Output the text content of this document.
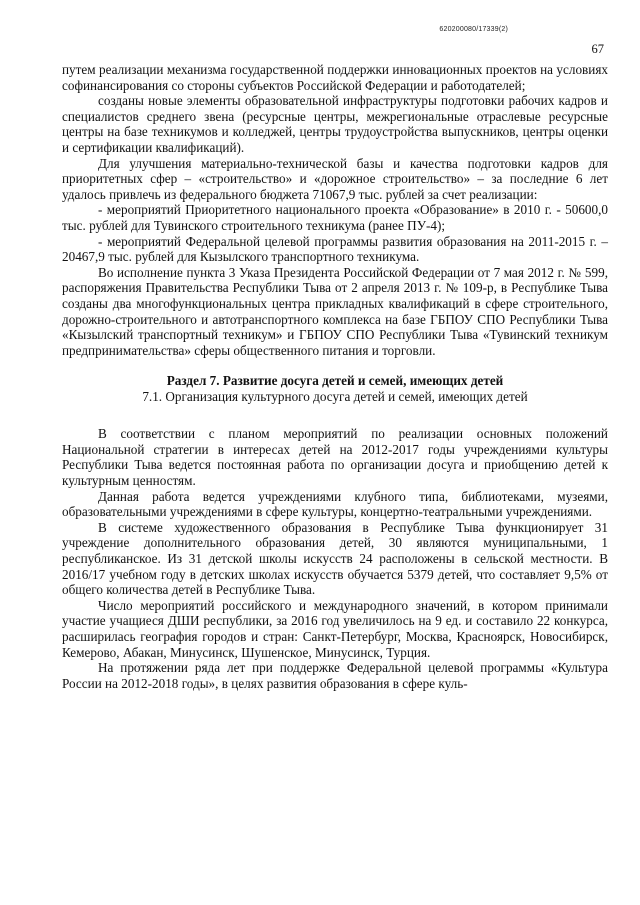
620200080/17339(2)
67

путем реализации механизма государственной поддержки инновационных проектов на условиях софинансирования со стороны субъектов Российской Федерации и работодателей;

созданы новые элементы образовательной инфраструктуры подготовки рабочих кадров и специалистов среднего звена (ресурсные центры, межрегиональные отраслевые ресурсные центры на базе техникумов и колледжей, центры трудоустройства выпускников, центры оценки и сертификации квалификаций).

Для улучшения материально-технической базы и качества подготовки кадров для приоритетных сфер – «строительство» и «дорожное строительство» – за последние 6 лет удалось привлечь из федерального бюджета 71067,9 тыс. рублей за счет реализации:

- мероприятий Приоритетного национального проекта «Образование» в 2010 г. - 50600,0 тыс. рублей для Тувинского строительного техникума (ранее ПУ-4);

- мероприятий Федеральной целевой программы развития образования на 2011-2015 г. – 20467,9 тыс. рублей для Кызылского транспортного техникума.

Во исполнение пункта 3 Указа Президента Российской Федерации от 7 мая 2012 г. № 599, распоряжения Правительства Республики Тыва от 2 апреля 2013 г. № 109-р, в Республике Тыва созданы два многофункциональных центра прикладных квалификаций в сфере строительного, дорожно-строительного и автотранспортного комплекса на базе ГБПОУ СПО Республики Тыва «Кызылский транспортный техникум» и ГБПОУ СПО Республики Тыва «Тувинский техникум предпринимательства» сферы общественного питания и торговли.

Раздел 7. Развитие досуга детей и семей, имеющих детей
7.1. Организация культурного досуга детей и семей, имеющих детей

В соответствии с планом мероприятий по реализации основных положений Национальной стратегии в интересах детей на 2012-2017 годы учреждениями культуры Республики Тыва ведется постоянная работа по организации досуга и приобщению детей к культурным ценностям.

Данная работа ведется учреждениями клубного типа, библиотеками, музеями, образовательными учреждениями в сфере культуры, концертно-театральными учреждениями.

В системе художественного образования в Республике Тыва функционирует 31 учреждение дополнительного образования детей, 30 являются муниципальными, 1 республиканское. Из 31 детской школы искусств 24 расположены в сельской местности. В 2016/17 учебном году в детских школах искусств обучается 5379 детей, что составляет 9,5% от общего количества детей в Республике Тыва.

Число мероприятий российского и международного значений, в котором принимали участие учащиеся ДШИ республики, за 2016 год увеличилось на 9 ед. и составило 22 конкурса, расширилась география городов и стран: Санкт-Петербург, Москва, Красноярск, Новосибирск, Кемерово, Абакан, Минусинск, Шушенское, Минусинск, Турция.

На протяжении ряда лет при поддержке Федеральной целевой программы «Культура России на 2012-2018 годы», в целях развития образования в сфере куль-
